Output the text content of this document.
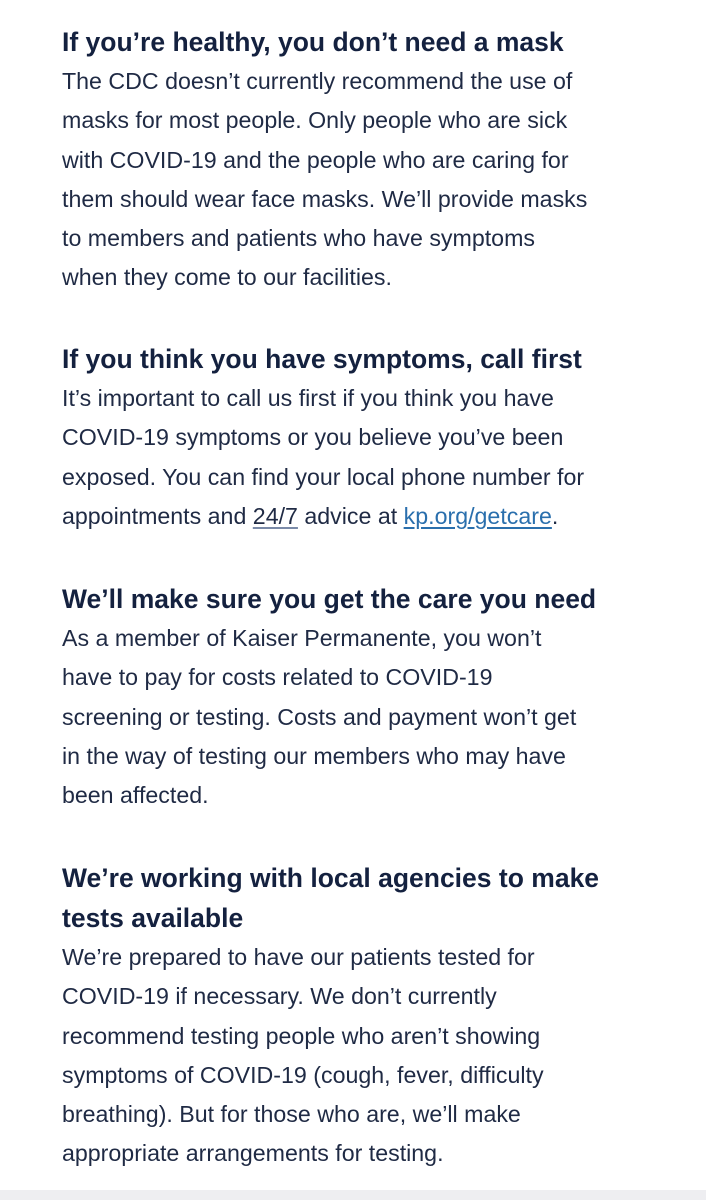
If you’re healthy, you don’t need a mask

The CDC doesn’t currently recommend the use of
masks for most people. Only people who are sick
with COVID-19 and the people who are caring for
them should wear face masks. We’ll provide masks
to members and patients who have symptoms
when they come to our facilities.

If you think you have symptoms, call first

It’s important to call us first if you think you have
COVID-19 symptoms or you believe you’ve been
exposed. You can find your local phone number for
appointments and 24/7 advice at kp.org/getcare.

We’ll make sure you get the care you need

As a member of Kaiser Permanente, you won’t
have to pay for costs related to COVID-19
screening or testing. Costs and payment won’t get
in the way of testing our members who may have
been affected.

We’re working with local agencies to make
tests available

We’re prepared to have our patients tested for
COVID-19 if necessary. We don’t currently
recommend testing people who aren’t showing
symptoms of COVID-19 (cough, fever, difficulty
breathing). But for those who are, we’ll make
appropriate arrangements for testing.
